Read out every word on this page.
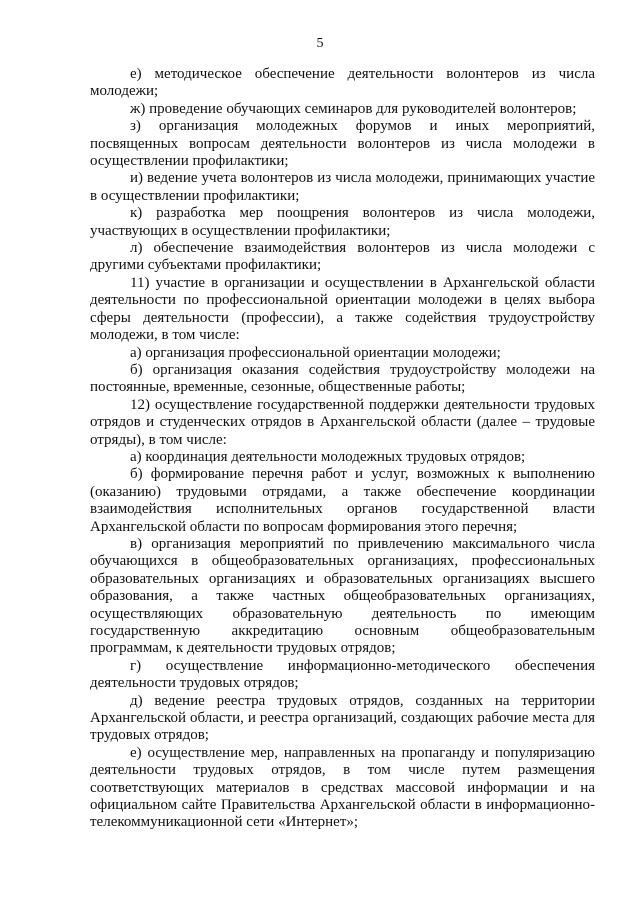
5

е) методическое обеспечение деятельности волонтеров из числа молодежи;

ж) проведение обучающих семинаров для руководителей волонтеров;

з) организация молодежных форумов и иных мероприятий, посвященных вопросам деятельности волонтеров из числа молодежи в осуществлении профилактики;

и) ведение учета волонтеров из числа молодежи, принимающих участие в осуществлении профилактики;

к) разработка мер поощрения волонтеров из числа молодежи, участвующих в осуществлении профилактики;

л) обеспечение взаимодействия волонтеров из числа молодежи с другими субъектами профилактики;

11) участие в организации и осуществлении в Архангельской области деятельности по профессиональной ориентации молодежи в целях выбора сферы деятельности (профессии), а также содействия трудоустройству молодежи, в том числе:

а) организация профессиональной ориентации молодежи;

б) организация оказания содействия трудоустройству молодежи на постоянные, временные, сезонные, общественные работы;

12) осуществление государственной поддержки деятельности трудовых отрядов и студенческих отрядов в Архангельской области (далее – трудовые отряды), в том числе:

а) координация деятельности молодежных трудовых отрядов;

б) формирование перечня работ и услуг, возможных к выполнению (оказанию) трудовыми отрядами, а также обеспечение координации взаимодействия исполнительных органов государственной власти Архангельской области по вопросам формирования этого перечня;

в) организация мероприятий по привлечению максимального числа обучающихся в общеобразовательных организациях, профессиональных образовательных организациях и образовательных организациях высшего образования, а также частных общеобразовательных организациях, осуществляющих образовательную деятельность по имеющим государственную аккредитацию основным общеобразовательным программам, к деятельности трудовых отрядов;

г) осуществление информационно-методического обеспечения деятельности трудовых отрядов;

д) ведение реестра трудовых отрядов, созданных на территории Архангельской области, и реестра организаций, создающих рабочие места для трудовых отрядов;

е) осуществление мер, направленных на пропаганду и популяризацию деятельности трудовых отрядов, в том числе путем размещения соответствующих материалов в средствах массовой информации и на официальном сайте Правительства Архангельской области в информационно-телекоммуникационной сети «Интернет»;
